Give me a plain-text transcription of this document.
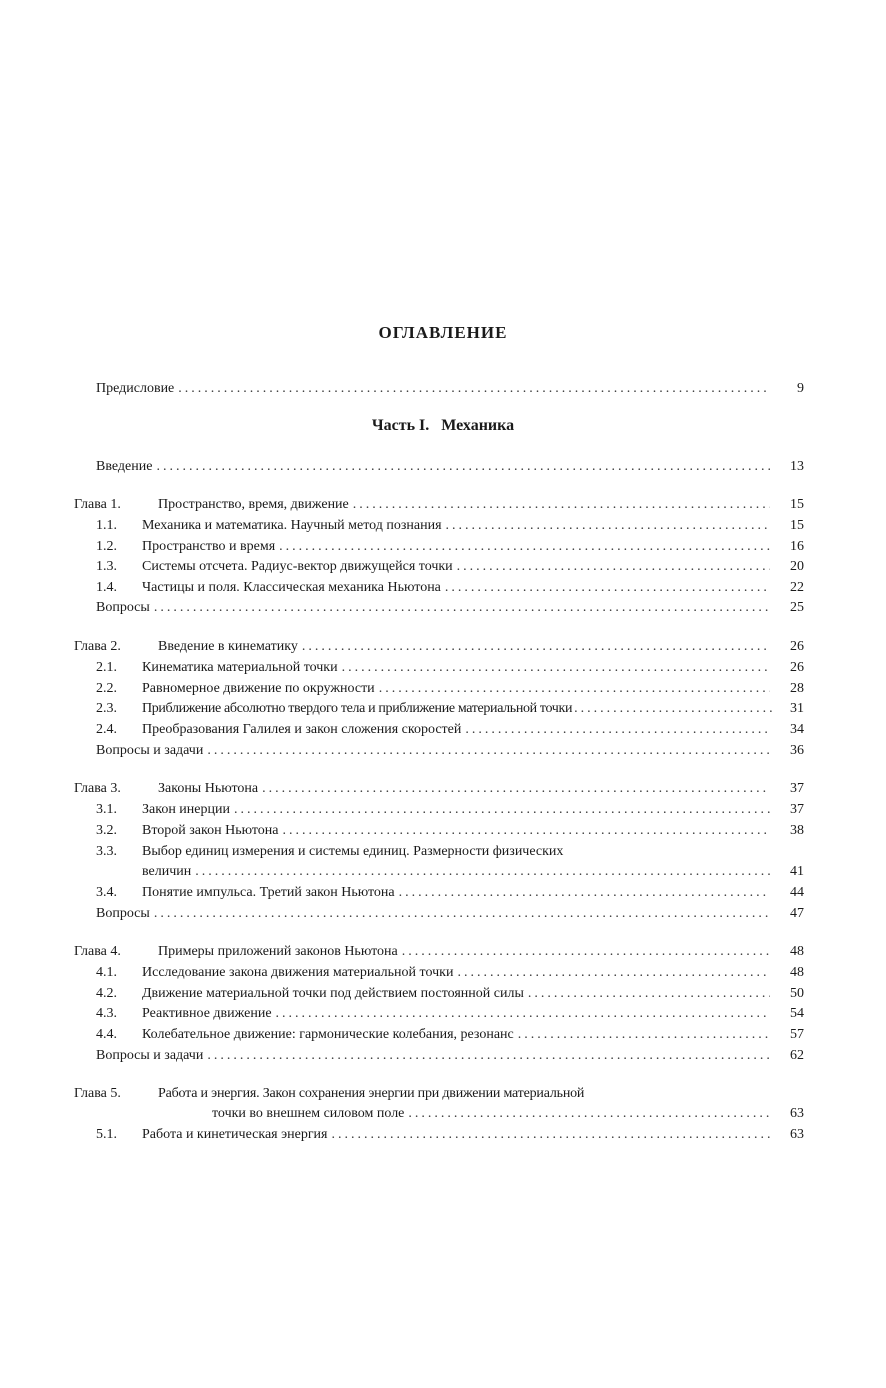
ОГЛАВЛЕНИЕ
Предисловие .....	9
Часть I. Механика
Введение .....	13
Глава 1.	Пространство, время, движение .....	15
1.1.	Механика и математика. Научный метод познания .....	15
1.2.	Пространство и время .....	16
1.3.	Системы отсчета. Радиус-вектор движущейся точки .....	20
1.4.	Частицы и поля. Классическая механика Ньютона .....	22
Вопросы .....	25
Глава 2.	Введение в кинематику .....	26
2.1.	Кинематика материальной точки .....	26
2.2.	Равномерное движение по окружности .....	28
2.3.	Приближение абсолютно твердого тела и приближение материальной точки .....	31
2.4.	Преобразования Галилея и закон сложения скоростей .....	34
Вопросы и задачи .....	36
Глава 3.	Законы Ньютона .....	37
3.1.	Закон инерции .....	37
3.2.	Второй закон Ньютона .....	38
3.3. Выбор единиц измерения и системы единиц. Размерности физических
величин .....	41
3.4.	Понятие импульса. Третий закон Ньютона .....	44
Вопросы .....	47
Глава 4.	Примеры приложений законов Ньютона .....	48
4.1.	Исследование закона движения материальной точки .....	48
4.2.	Движение материальной точки под действием постоянной силы .....	50
4.3.	Реактивное движение .....	54
4.4.	Колебательное движение: гармонические колебания, резонанс .....	57
Вопросы и задачи .....	62
Глава 5.	Работа и энергия. Закон сохранения энергии при движении материальной
точки во внешнем силовом поле .....	63
5.1.	Работа и кинетическая энергия .....	63
